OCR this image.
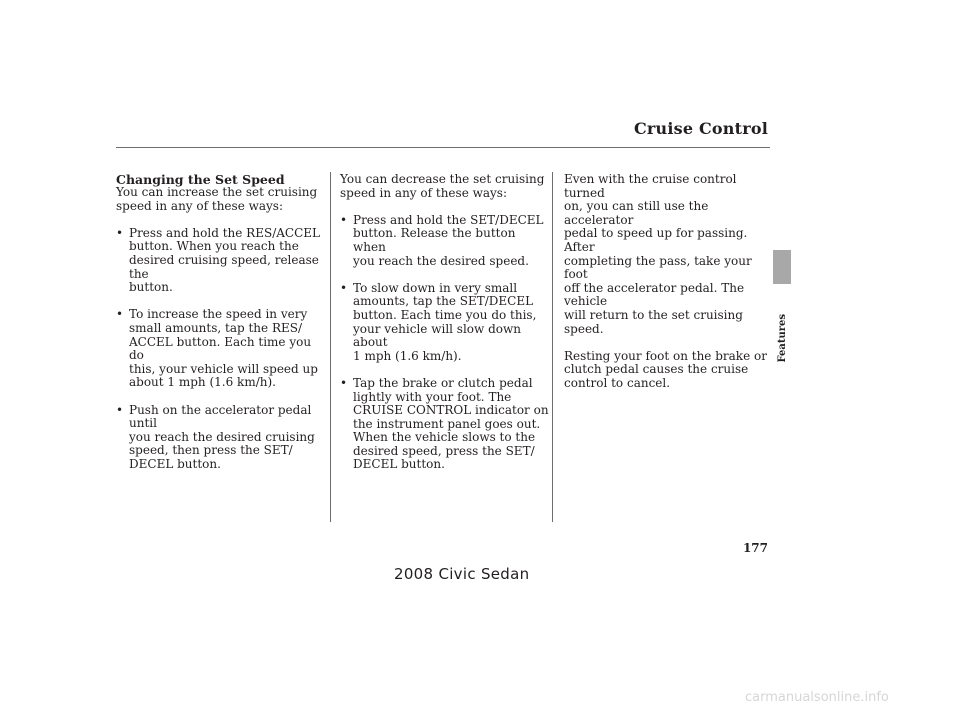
Cruise Control
Features
Changing the Set Speed

You can increase the set cruising
speed in any of these ways:

• Press and hold the RES/ACCEL
button. When you reach the
desired cruising speed, release the
button.
• To increase the speed in very
small amounts, tap the RES/
ACCEL button. Each time you do
this, your vehicle will speed up
about 1 mph (1.6 km/h).
• Push on the accelerator pedal until
you reach the desired cruising
speed, then press the SET/
DECEL button.

You can decrease the set cruising
speed in any of these ways:

• Press and hold the SET/DECEL
button. Release the button when
you reach the desired speed.
• To slow down in very small
amounts, tap the SET/DECEL
button. Each time you do this,
your vehicle will slow down about
1 mph (1.6 km/h).
• Tap the brake or clutch pedal
lightly with your foot. The
CRUISE CONTROL indicator on
the instrument panel goes out.
When the vehicle slows to the
desired speed, press the SET/
DECEL button.

Even with the cruise control turned
on, you can still use the accelerator
pedal to speed up for passing. After
completing the pass, take your foot
off the accelerator pedal. The vehicle
will return to the set cruising speed.

Resting your foot on the brake or
clutch pedal causes the cruise
control to cancel.

177
2008 Civic Sedan
carmanualsonline.info
